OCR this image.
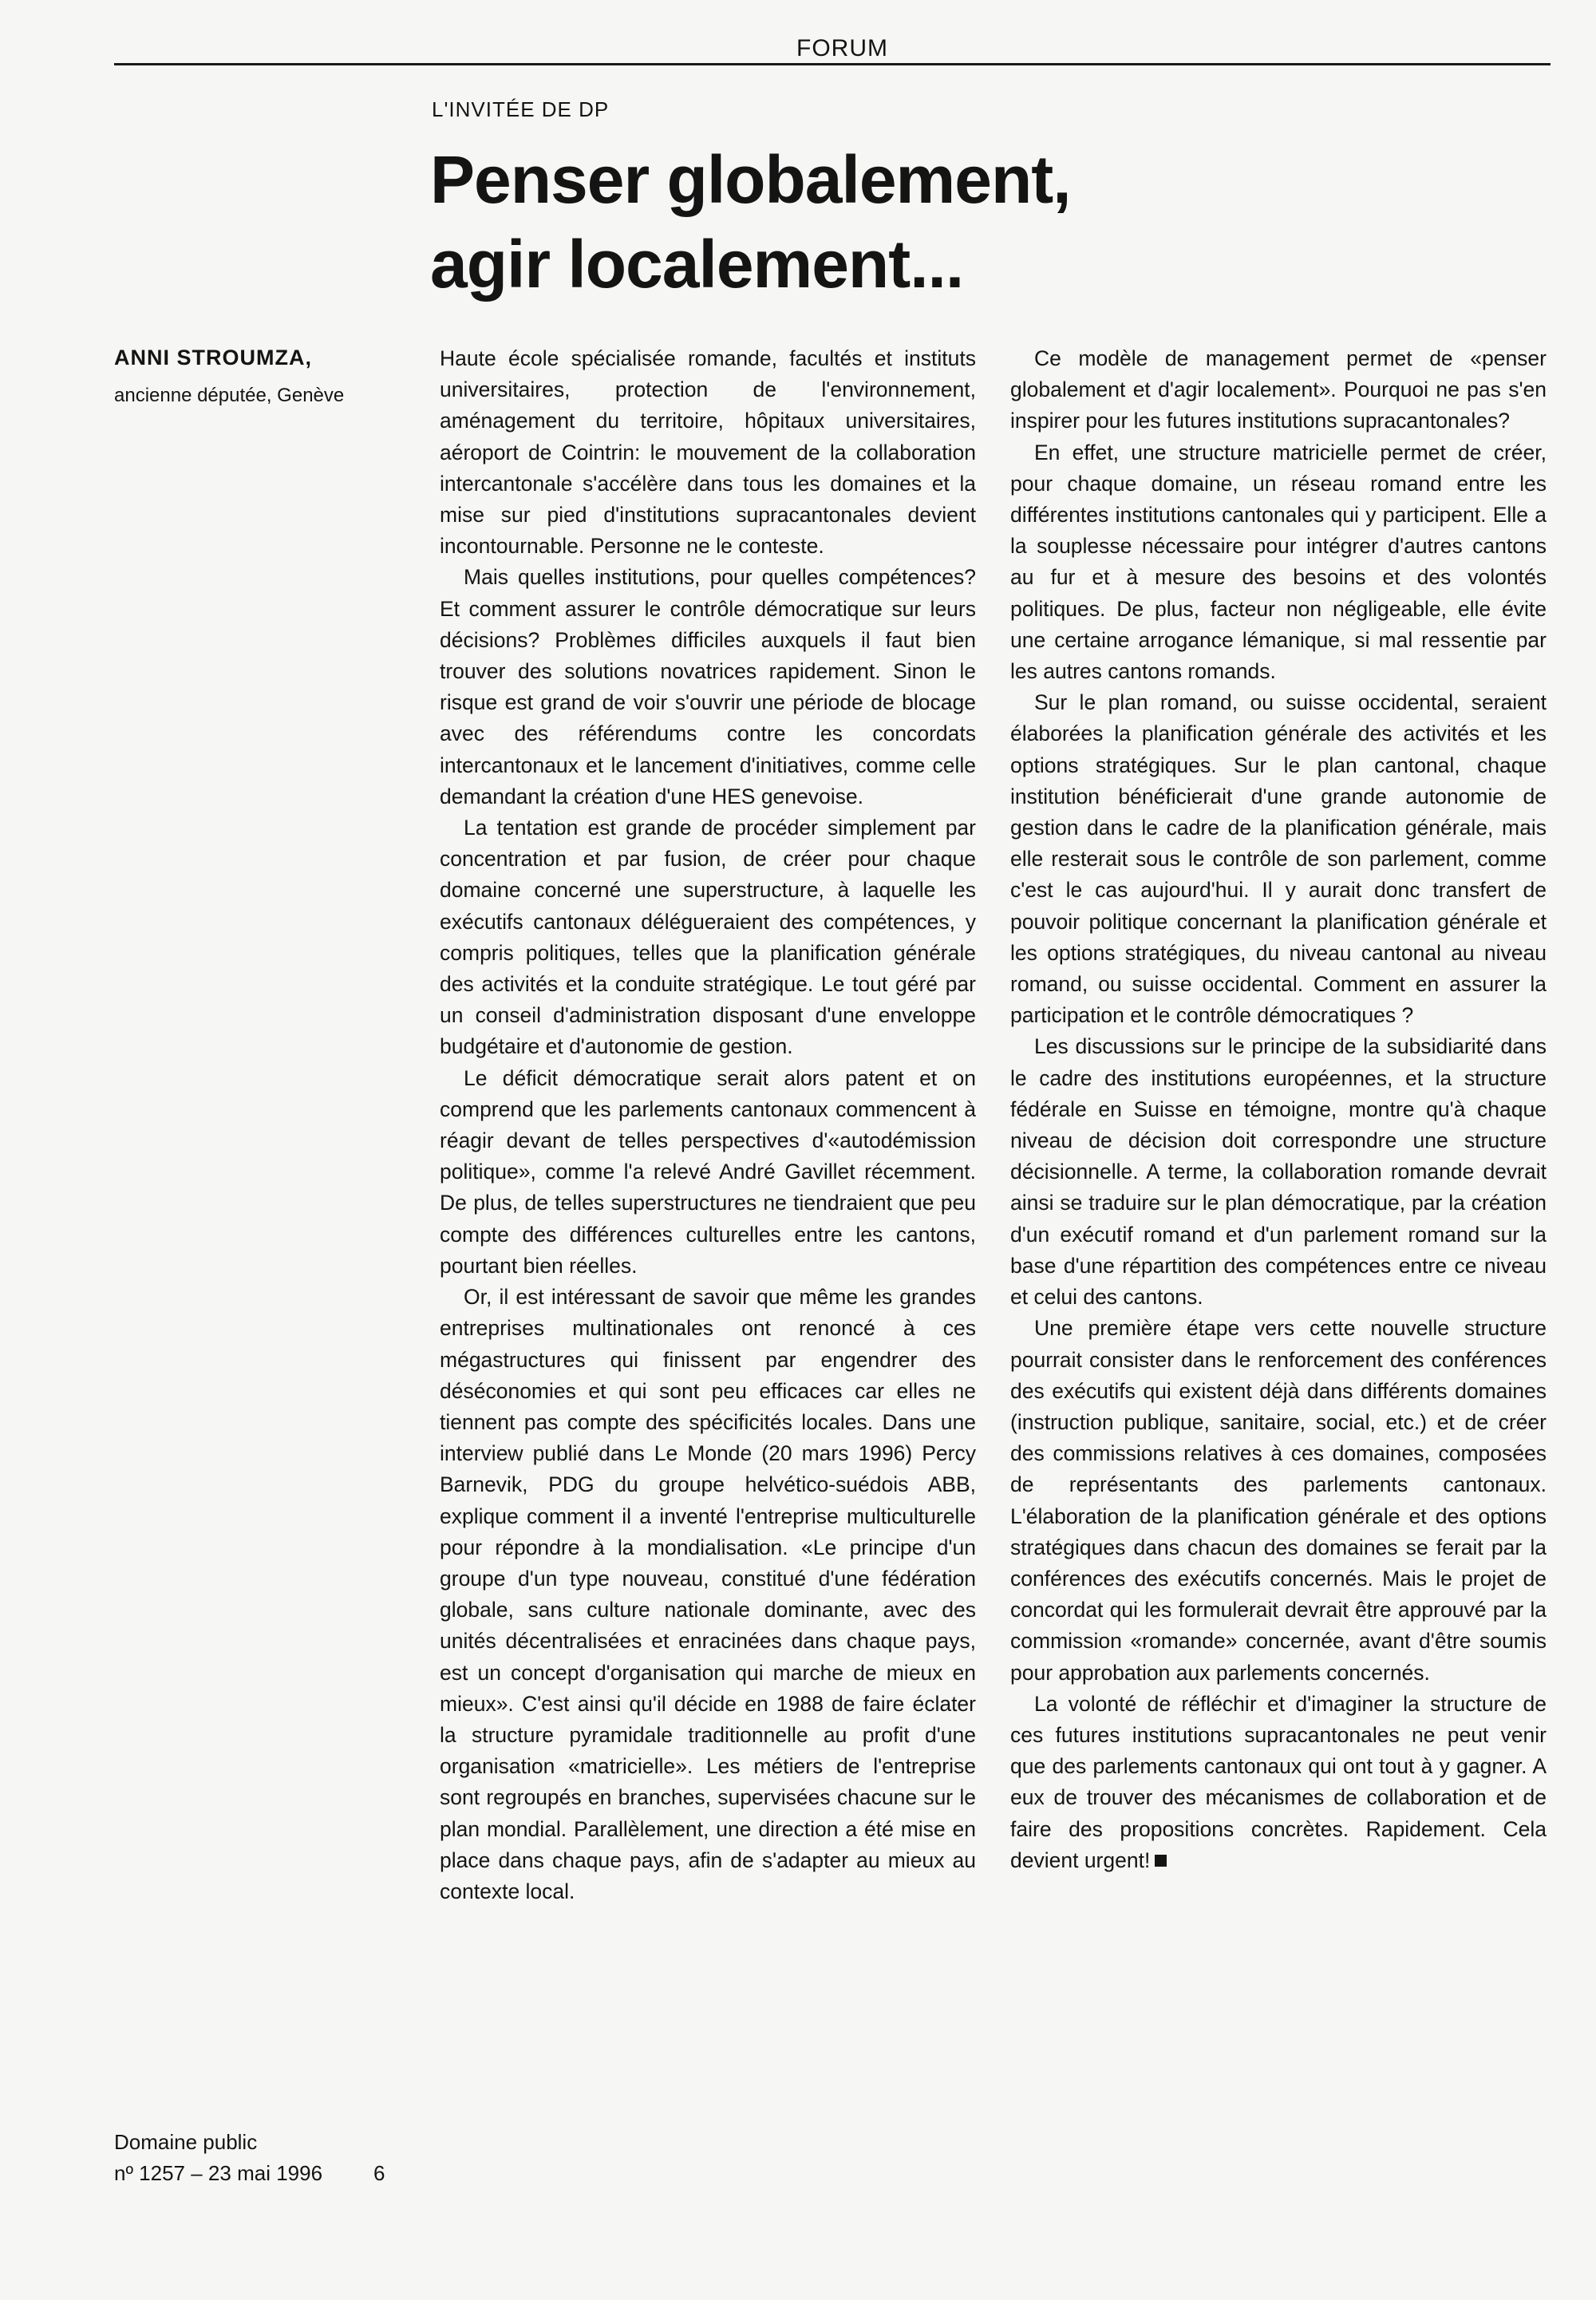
FORUM
L'INVITÉE DE DP
Penser globalement,
agir localement...
ANNI STROUMZA,
ancienne députée, Genève

Haute école spécialisée romande, facultés et instituts universitaires, protection de l'environnement, aménagement du territoire, hôpitaux universitaires, aéroport de Cointrin: le mouvement de la collaboration intercantonale s'accélère dans tous les domaines et la mise sur pied d'institutions supracantonales devient incontournable. Personne ne le conteste.

Mais quelles institutions, pour quelles compétences? Et comment assurer le contrôle démocratique sur leurs décisions? Problèmes difficiles auxquels il faut bien trouver des solutions novatrices rapidement. Sinon le risque est grand de voir s'ouvrir une période de blocage avec des référendums contre les concordats intercantonaux et le lancement d'initiatives, comme celle demandant la création d'une HES genevoise.

La tentation est grande de procéder simplement par concentration et par fusion, de créer pour chaque domaine concerné une superstructure, à laquelle les exécutifs cantonaux délégueraient des compétences, y compris politiques, telles que la planification générale des activités et la conduite stratégique. Le tout géré par un conseil d'administration disposant d'une enveloppe budgétaire et d'autonomie de gestion.

Le déficit démocratique serait alors patent et on comprend que les parlements cantonaux commencent à réagir devant de telles perspectives d'«autodémission politique», comme l'a relevé André Gavillet récemment. De plus, de telles superstructures ne tiendraient que peu compte des différences culturelles entre les cantons, pourtant bien réelles.

Or, il est intéressant de savoir que même les grandes entreprises multinationales ont renoncé à ces mégastructures qui finissent par engendrer des déséconomies et qui sont peu efficaces car elles ne tiennent pas compte des spécificités locales. Dans une interview publié dans Le Monde (20 mars 1996) Percy Barnevik, PDG du groupe helvético-suédois ABB, explique comment il a inventé l'entreprise multiculturelle pour répondre à la mondialisation. «Le principe d'un groupe d'un type nouveau, constitué d'une fédération globale, sans culture nationale dominante, avec des unités décentralisées et enracinées dans chaque pays, est un concept d'organisation qui marche de mieux en mieux». C'est ainsi qu'il décide en 1988 de faire éclater la structure pyramidale traditionnelle au profit d'une organisation «matricielle». Les métiers de l'entreprise sont regroupés en branches, supervisées chacune sur le plan mondial. Parallèlement, une direction a été mise en place dans chaque pays, afin de s'adapter au mieux au contexte local.

Ce modèle de management permet de «penser globalement et d'agir localement». Pourquoi ne pas s'en inspirer pour les futures institutions supracantonales?

En effet, une structure matricielle permet de créer, pour chaque domaine, un réseau romand entre les différentes institutions cantonales qui y participent. Elle a la souplesse nécessaire pour intégrer d'autres cantons au fur et à mesure des besoins et des volontés politiques. De plus, facteur non négligeable, elle évite une certaine arrogance lémanique, si mal ressentie par les autres cantons romands.

Sur le plan romand, ou suisse occidental, seraient élaborées la planification générale des activités et les options stratégiques. Sur le plan cantonal, chaque institution bénéficierait d'une grande autonomie de gestion dans le cadre de la planification générale, mais elle resterait sous le contrôle de son parlement, comme c'est le cas aujourd'hui. Il y aurait donc transfert de pouvoir politique concernant la planification générale et les options stratégiques, du niveau cantonal au niveau romand, ou suisse occidental. Comment en assurer la participation et le contrôle démocratiques ?

Les discussions sur le principe de la subsidiarité dans le cadre des institutions européennes, et la structure fédérale en Suisse en témoigne, montre qu'à chaque niveau de décision doit correspondre une structure décisionnelle. A terme, la collaboration romande devrait ainsi se traduire sur le plan démocratique, par la création d'un exécutif romand et d'un parlement romand sur la base d'une répartition des compétences entre ce niveau et celui des cantons.

Une première étape vers cette nouvelle structure pourrait consister dans le renforcement des conférences des exécutifs qui existent déjà dans différents domaines (instruction publique, sanitaire, social, etc.) et de créer des commissions relatives à ces domaines, composées de représentants des parlements cantonaux. L'élaboration de la planification générale et des options stratégiques dans chacun des domaines se ferait par la conférences des exécutifs concernés. Mais le projet de concordat qui les formulerait devrait être approuvé par la commission «romande» concernée, avant d'être soumis pour approbation aux parlements concernés.

La volonté de réfléchir et d'imaginer la structure de ces futures institutions supracantonales ne peut venir que des parlements cantonaux qui ont tout à y gagner. A eux de trouver des mécanismes de collaboration et de faire des propositions concrètes. Rapidement. Cela devient urgent!

Domaine public
nº 1257 – 23 mai 1996 6
